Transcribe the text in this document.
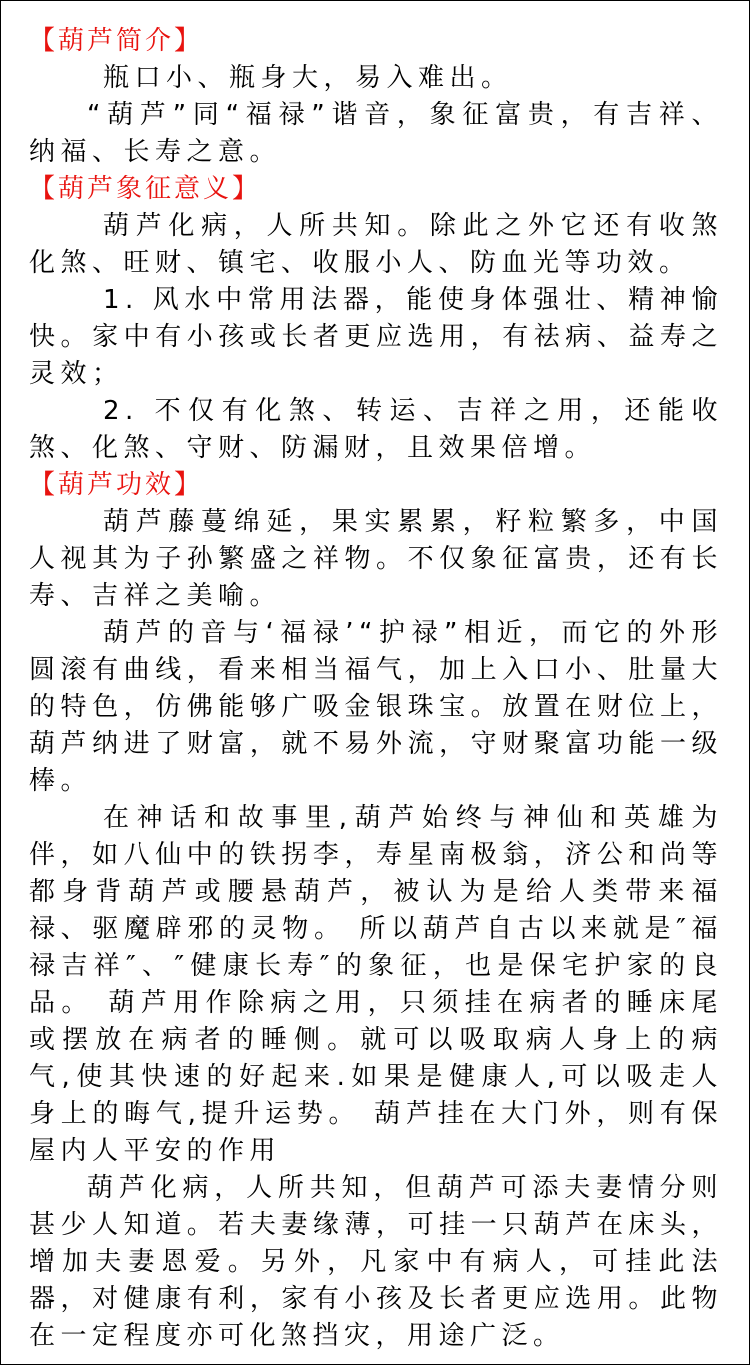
【葫芦简介】

瓶口小、瓶身大，易入难出。

“葫芦”同“福禄”谐音，象征富贵，有吉祥、纳福、长寿之意。

【葫芦象征意义】

葫芦化病，人所共知。除此之外它还有收煞化煞、旺财、镇宅、收服小人、防血光等功效。

1. 风水中常用法器，能使身体强壮、精神愉快。家中有小孩或长者更应选用，有祛病、益寿之灵效；

2. 不仅有化煞、转运、吉祥之用，还能收煞、化煞、守财、防漏财，且效果倍增。

【葫芦功效】

葫芦藤蔓绵延，果实累累，籽粒繁多，中国人视其为子孙繁盛之祥物。不仅象征富贵，还有长寿、吉祥之美喻。

葫芦的音与‘福禄’“护禄”相近，而它的外形圆滚有曲线，看来相当福气，加上入口小、肚量大的特色，仿佛能够广吸金银珠宝。放置在财位上，葫芦纳进了财富，就不易外流，守财聚富功能一级棒。

在神话和故事里,葫芦始终与神仙和英雄为伴，如八仙中的铁拐李，寿星南极翁，济公和尚等都身背葫芦或腰悬葫芦，被认为是给人类带来福禄、驱魔辟邪的灵物。 所以葫芦自古以来就是″福禄吉祥″、″健康长寿″的象征，也是保宅护家的良品。 葫芦用作除病之用，只须挂在病者的睡床尾或摆放在病者的睡侧。就可以吸取病人身上的病气,使其快速的好起来.如果是健康人,可以吸走人身上的晦气,提升运势。 葫芦挂在大门外，则有保屋内人平安的作用

葫芦化病，人所共知，但葫芦可添夫妻情分则甚少人知道。若夫妻缘薄，可挂一只葫芦在床头，增加夫妻恩爱。另外，凡家中有病人，可挂此法器，对健康有利，家有小孩及长者更应选用。此物在一定程度亦可化煞挡灾，用途广泛。
